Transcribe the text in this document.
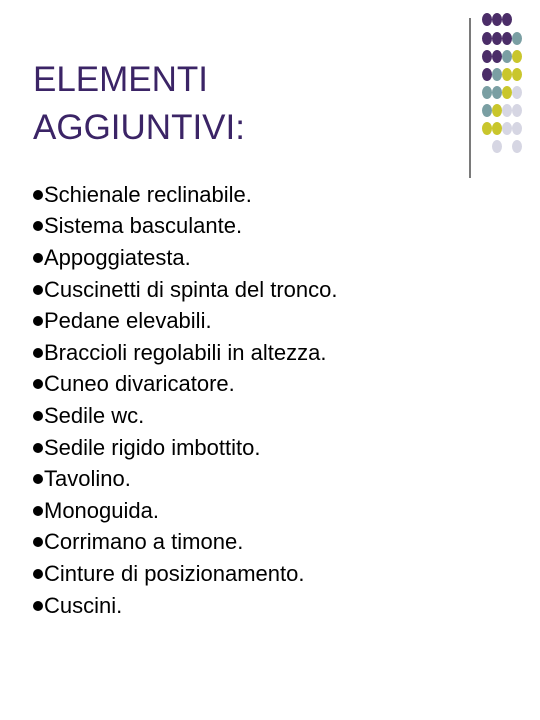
ELEMENTI
AGGIUNTIVI:
Schienale reclinabile.
Sistema basculante.
Appoggiatesta.
Cuscinetti di spinta del tronco.
Pedane elevabili.
Braccioli regolabili in altezza.
Cuneo divaricatore.
Sedile wc.
Sedile rigido imbottito.
Tavolino.
Monoguida.
Corrimano a timone.
Cinture di posizionamento.
Cuscini.
